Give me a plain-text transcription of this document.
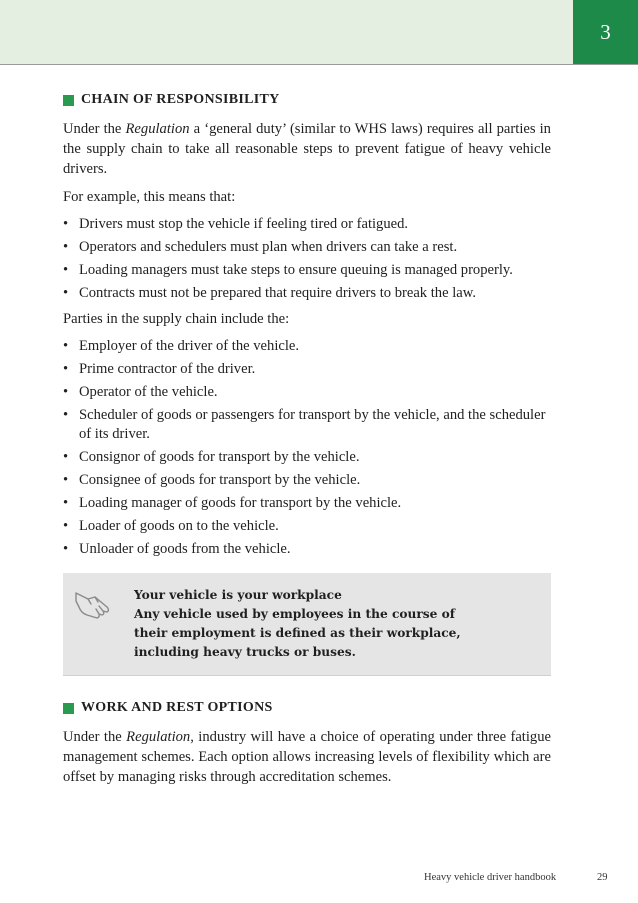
3
CHAIN OF RESPONSIBILITY

Under the Regulation a ‘general duty’ (similar to WHS laws) requires all parties in the supply chain to take all reasonable steps to prevent fatigue of heavy vehicle drivers.

For example, this means that:

• Drivers must stop the vehicle if feeling tired or fatigued.
• Operators and schedulers must plan when drivers can take a rest.
• Loading managers must take steps to ensure queuing is managed properly.
• Contracts must not be prepared that require drivers to break the law.

Parties in the supply chain include the:

• Employer of the driver of the vehicle.
• Prime contractor of the driver.
• Operator of the vehicle.
• Scheduler of goods or passengers for transport by the vehicle, and the scheduler of its driver.
• Consignor of goods for transport by the vehicle.
• Consignee of goods for transport by the vehicle.
• Loading manager of goods for transport by the vehicle.
• Loader of goods on to the vehicle.
• Unloader of goods from the vehicle.
Your vehicle is your workplace
Any vehicle used by employees in the course of their employment is defined as their workplace, including heavy trucks or buses.
WORK AND REST OPTIONS

Under the Regulation, industry will have a choice of operating under three fatigue management schemes. Each option allows increasing levels of flexibility which are offset by managing risks through accreditation schemes.

Heavy vehicle driver handbook	29
